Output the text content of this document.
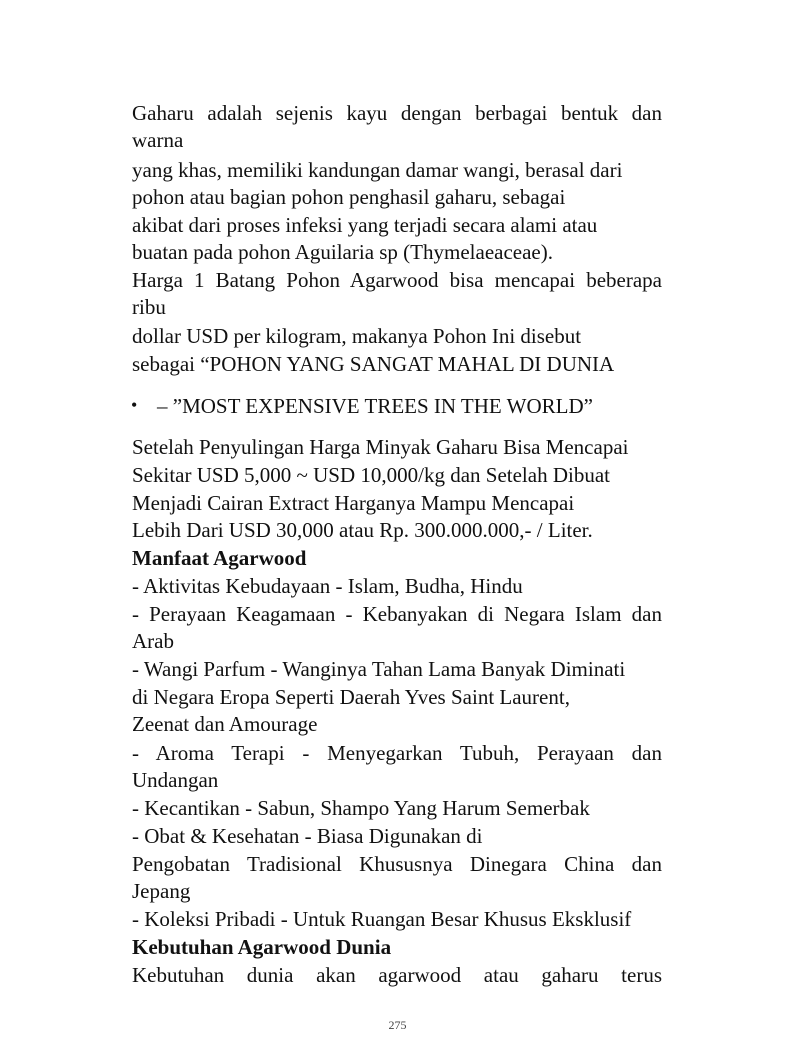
Gaharu adalah sejenis kayu dengan berbagai bentuk dan
warna
yang khas, memiliki kandungan damar wangi, berasal dari
pohon atau bagian pohon penghasil gaharu, sebagai
akibat dari proses infeksi yang terjadi secara alami atau
buatan pada pohon Aguilaria sp (Thymelaeaceae).
Harga 1 Batang Pohon Agarwood bisa mencapai beberapa
ribu
dollar USD per kilogram, makanya Pohon Ini disebut
sebagai “POHON YANG SANGAT MAHAL DI DUNIA
• – ”MOST EXPENSIVE TREES IN THE WORLD”
Setelah Penyulingan Harga Minyak Gaharu Bisa Mencapai
Sekitar USD 5,000 ~ USD 10,000/kg dan Setelah Dibuat
Menjadi Cairan Extract Harganya Mampu Mencapai
Lebih Dari USD 30,000 atau Rp. 300.000.000,- / Liter.
Manfaat Agarwood
- Aktivitas Kebudayaan - Islam, Budha, Hindu
- Perayaan Keagamaan - Kebanyakan di Negara Islam dan
Arab
- Wangi Parfum - Wanginya Tahan Lama Banyak Diminati
di Negara Eropa Seperti Daerah Yves Saint Laurent,
Zeenat dan Amourage
- Aroma Terapi - Menyegarkan Tubuh, Perayaan dan
Undangan
- Kecantikan - Sabun, Shampo Yang Harum Semerbak
- Obat & Kesehatan - Biasa Digunakan di
Pengobatan Tradisional Khususnya Dinegara China dan
Jepang
- Koleksi Pribadi - Untuk Ruangan Besar Khusus Eksklusif
Kebutuhan Agarwood Dunia
Kebutuhan dunia akan agarwood atau gaharu terus
275
